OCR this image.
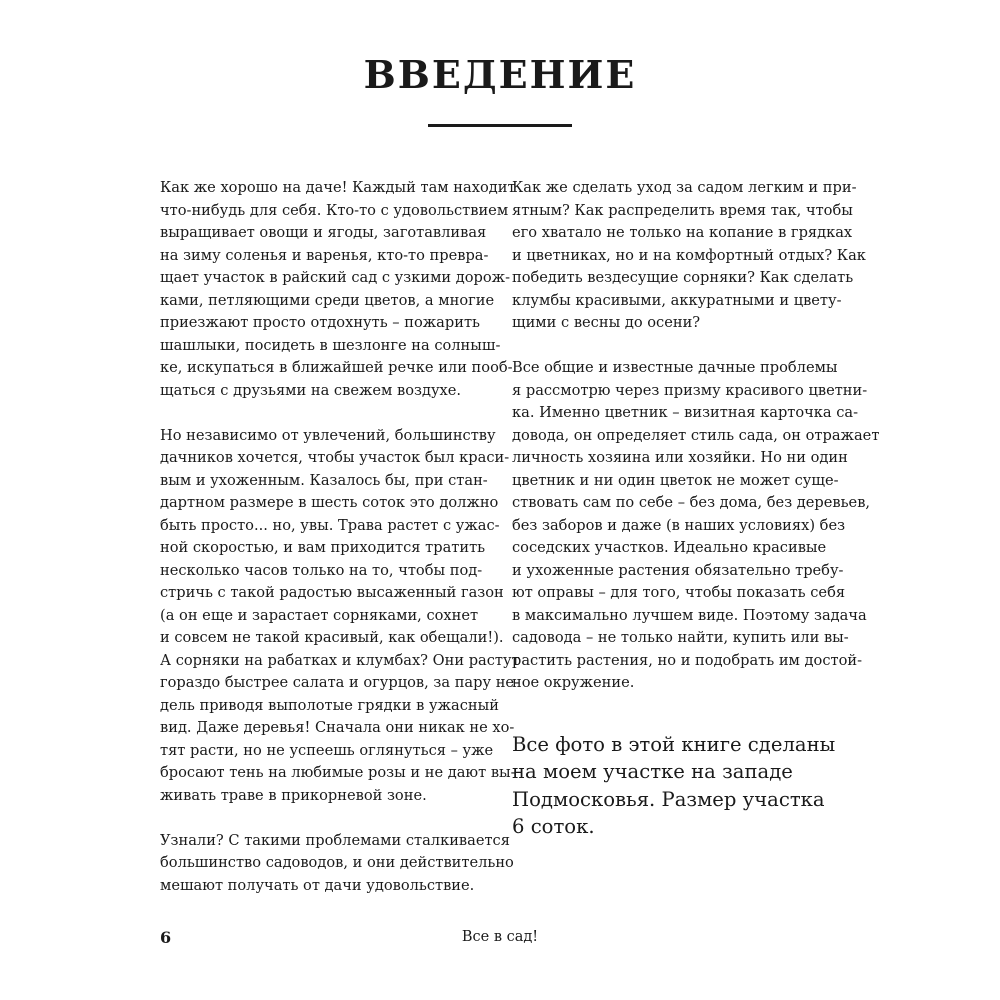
ВВЕДЕНИЕ

Как же хорошо на даче! Каждый там находит
что-нибудь для себя. Кто-то с удовольствием
выращивает овощи и ягоды, заготавливая
на зиму соленья и варенья, кто-то превра-
щает участок в райский сад с узкими дорож-
ками, петляющими среди цветов, а многие
приезжают просто отдохнуть – пожарить
шашлыки, посидеть в шезлонге на солныш-
ке, искупаться в ближайшей речке или пооб-
щаться с друзьями на свежем воздухе.

Но независимо от увлечений, большинству
дачников хочется, чтобы участок был краси-
вым и ухоженным. Казалось бы, при стан-
дартном размере в шесть соток это должно
быть просто... но, увы. Трава растет с ужас-
ной скоростью, и вам приходится тратить
несколько часов только на то, чтобы под-
стричь с такой радостью высаженный газон
(а он еще и зарастает сорняками, сохнет
и совсем не такой красивый, как обещали!).
А сорняки на рабатках и клумбах? Они растут
гораздо быстрее салата и огурцов, за пару не-
дель приводя выполотые грядки в ужасный
вид. Даже деревья! Сначала они никак не хо-
тят расти, но не успеешь оглянуться – уже
бросают тень на любимые розы и не дают вы-
живать траве в прикорневой зоне.

Узнали? С такими проблемами сталкивается
большинство садоводов, и они действительно
мешают получать от дачи удовольствие.

Как же сделать уход за садом легким и при-
ятным? Как распределить время так, чтобы
его хватало не только на копание в грядках
и цветниках, но и на комфортный отдых? Как
победить вездесущие сорняки? Как сделать
клумбы красивыми, аккуратными и цвету-
щими с весны до осени?

Все общие и известные дачные проблемы
я рассмотрю через призму красивого цветни-
ка. Именно цветник – визитная карточка са-
довода, он определяет стиль сада, он отражает
личность хозяина или хозяйки. Но ни один
цветник и ни один цветок не может суще-
ствовать сам по себе – без дома, без деревьев,
без заборов и даже (в наших условиях) без
соседских участков. Идеально красивые
и ухоженные растения обязательно требу-
ют оправы – для того, чтобы показать себя
в максимально лучшем виде. Поэтому задача
садовода – не только найти, купить или вы-
растить растения, но и подобрать им достой-
ное окружение.

Все фото в этой книге сделаны
на моем участке на западе
Подмосковья. Размер участка
6 соток.

6	Все в сад!
